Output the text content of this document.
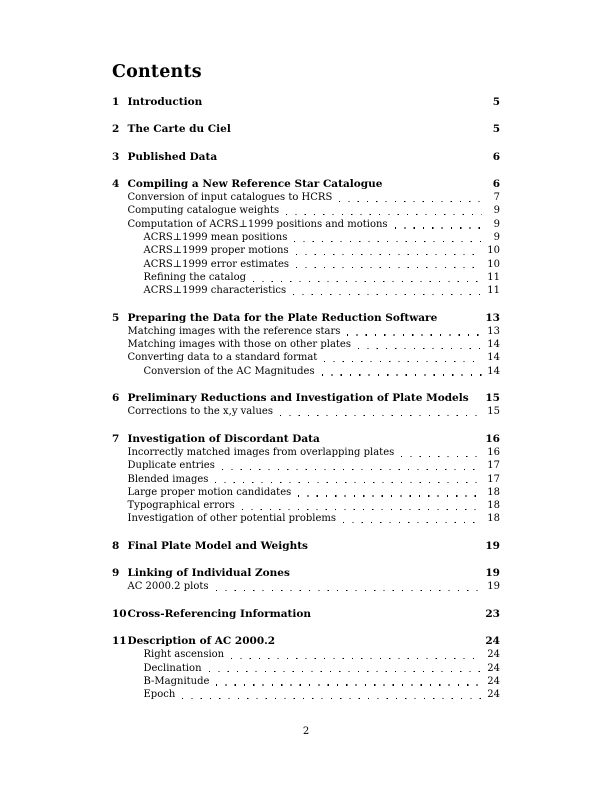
Contents
1 Introduction	5
2 The Carte du Ciel	5
3 Published Data	6
4 Compiling a New Reference Star Catalogue	6
Conversion of input catalogues to HCRS	7
Computing catalogue weights	9
Computation of ACRS⊥1999 positions and motions	9
ACRS⊥1999 mean positions	9
ACRS⊥1999 proper motions	10
ACRS⊥1999 error estimates	10
Refining the catalog	11
ACRS⊥1999 characteristics	11
5 Preparing the Data for the Plate Reduction Software	13
Matching images with the reference stars	13
Matching images with those on other plates	14
Converting data to a standard format	14
Conversion of the AC Magnitudes	14
6 Preliminary Reductions and Investigation of Plate Models 15
Corrections to the x,y values	15
7 Investigation of Discordant Data	16
Incorrectly matched images from overlapping plates	16
Duplicate entries	17
Blended images	17
Large proper motion candidates	18
Typographical errors	18
Investigation of other potential problems	18
8 Final Plate Model and Weights	19
9 Linking of Individual Zones	19
AC 2000.2 plots	19
10 Cross-Referencing Information	23
11 Description of AC 2000.2	24
Right ascension	24
Declination	24
B-Magnitude	24
Epoch	24
2
